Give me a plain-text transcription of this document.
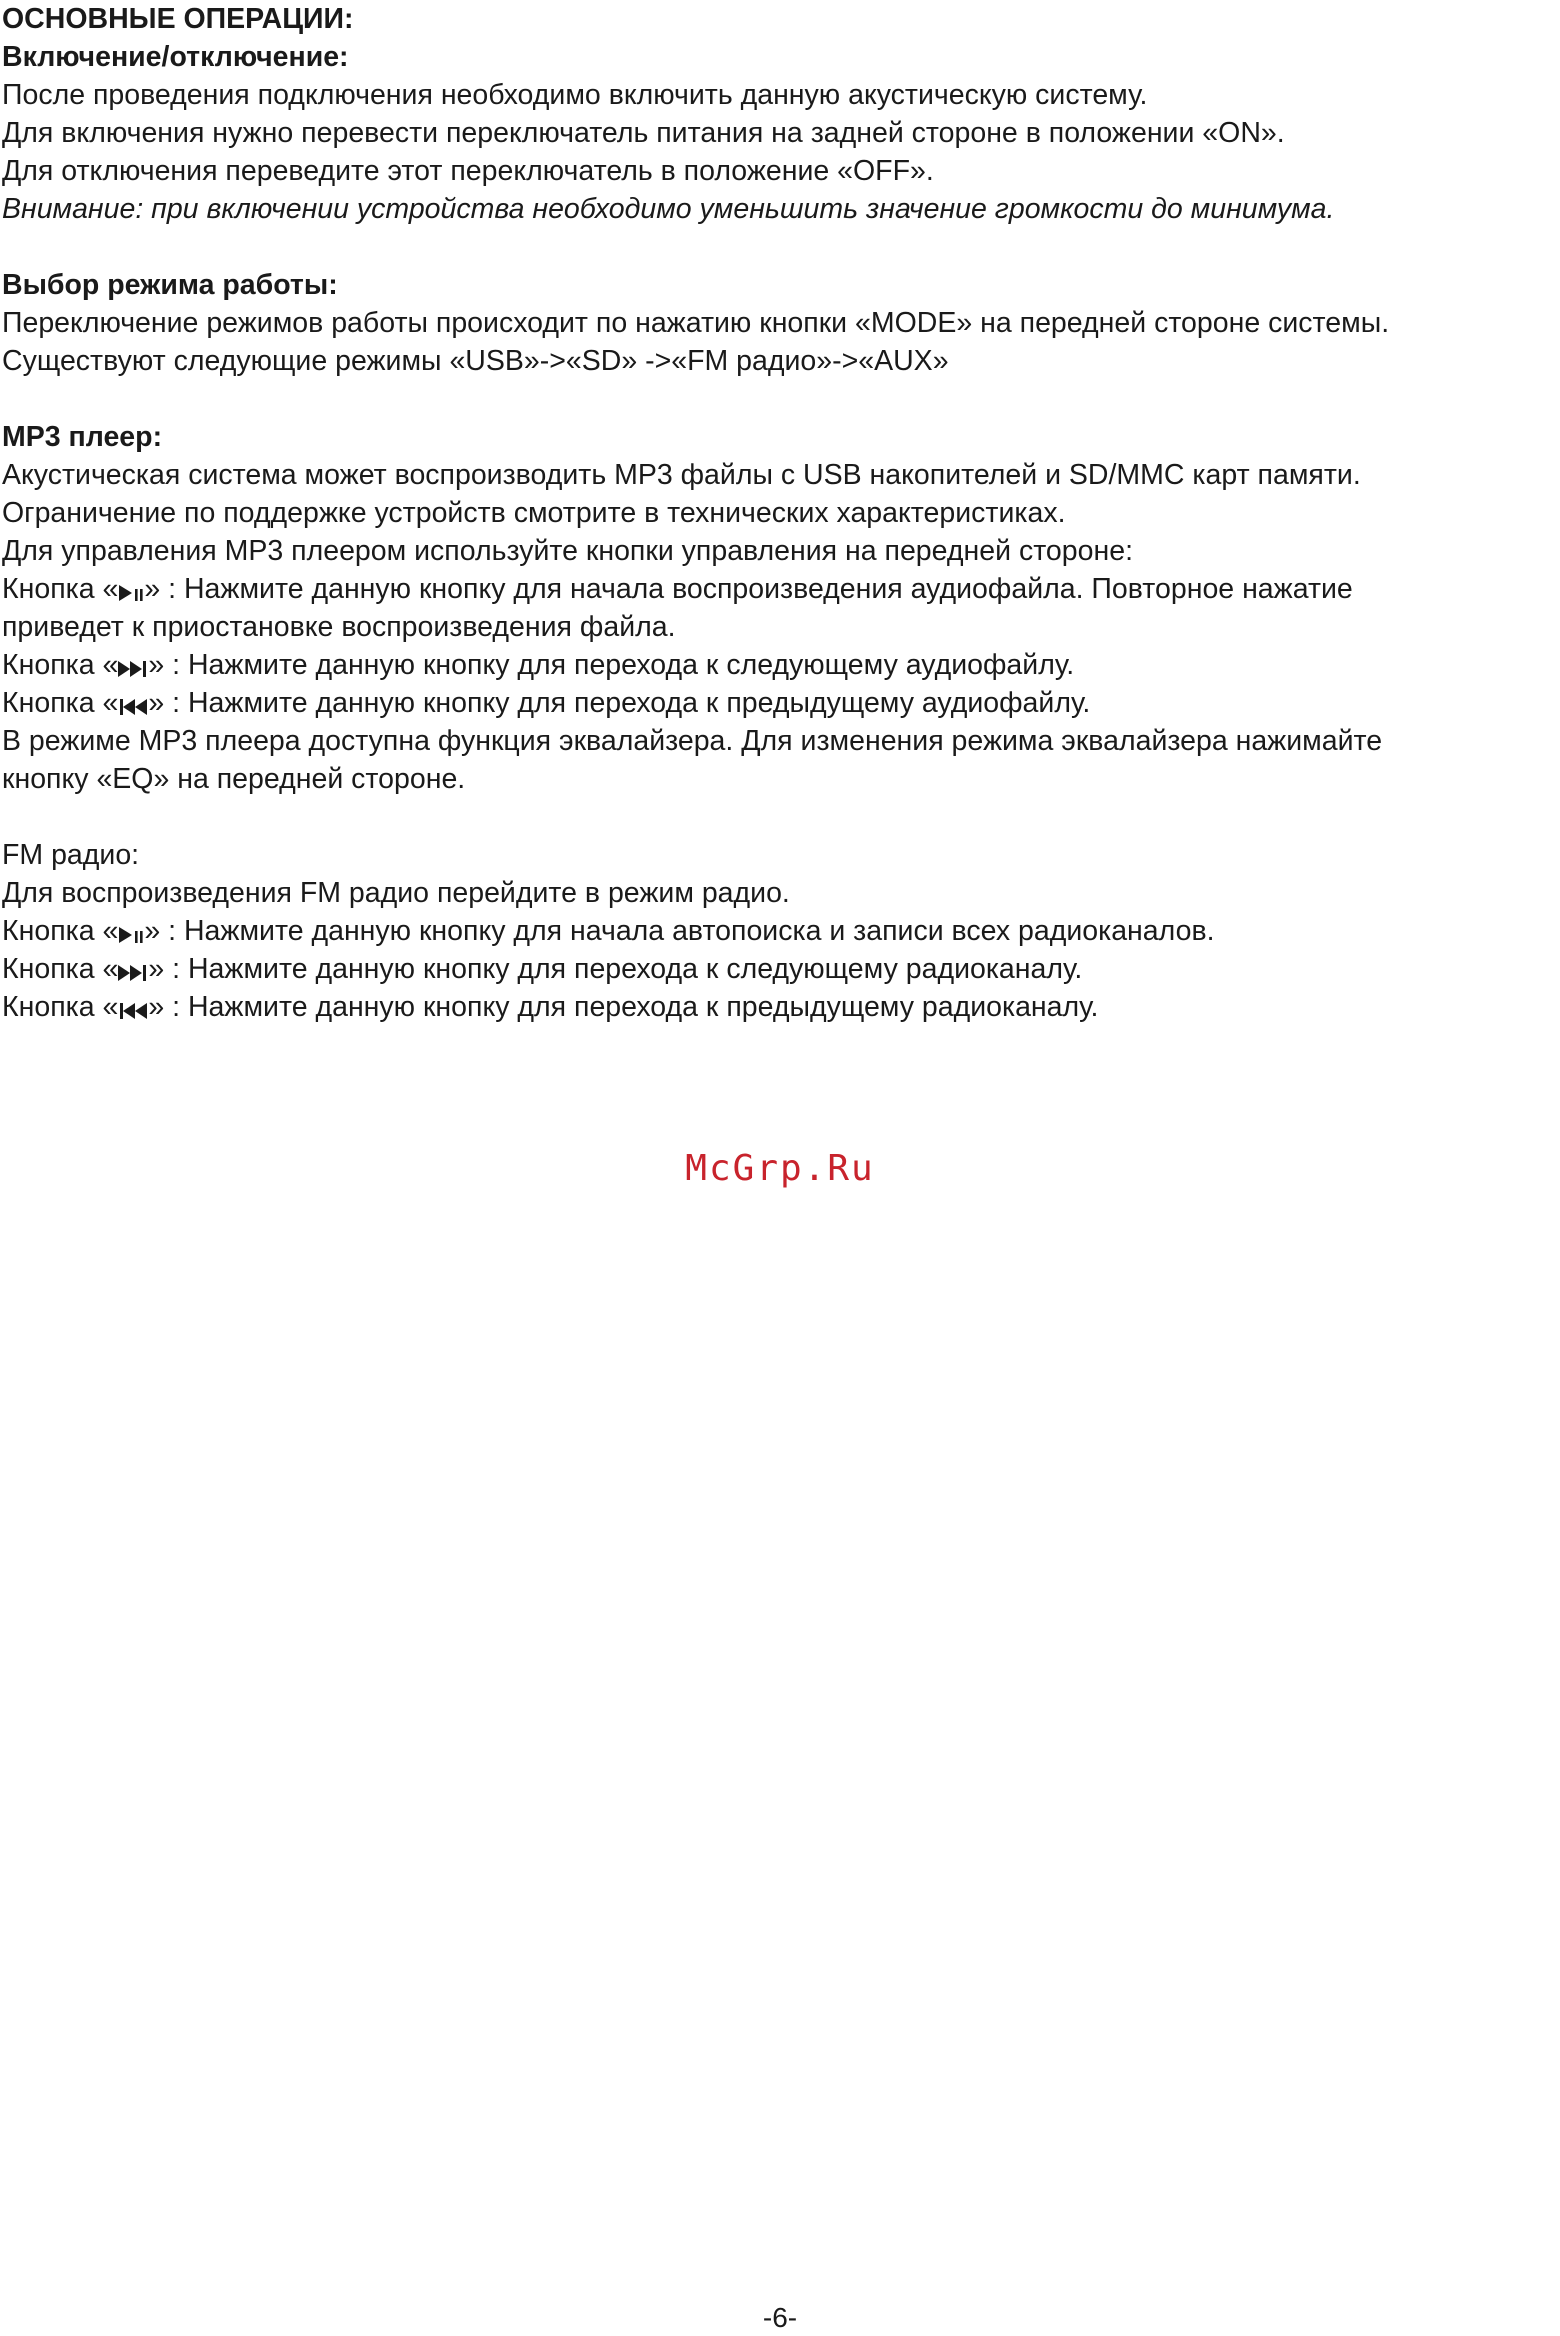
ОСНОВНЫЕ ОПЕРАЦИИ:
Включение/отключение:
После проведения подключения необходимо включить данную акустическую систему.
Для включения нужно перевести переключатель питания на задней стороне в положении «ON».
Для отключения переведите этот переключатель в положение «OFF».
Внимание: при включении устройства необходимо уменьшить значение громкости до минимума.
Выбор режима работы:
Переключение режимов работы происходит по нажатию кнопки «MODE» на передней стороне системы.
Существуют следующие режимы «USB»->«SD» ->«FM радио»->«AUX»
MP3 плеер:
Акустическая система может воспроизводить MP3 файлы с USB накопителей и SD/MMC карт памяти.
Ограничение по поддержке устройств смотрите в технических характеристиках.
Для управления MP3 плеером используйте кнопки управления на передней стороне:
Кнопка « » : Нажмите данную кнопку для начала воспроизведения аудиофайла. Повторное нажатие
приведет к приостановке воспроизведения файла.
Кнопка « » : Нажмите данную кнопку для перехода к следующему аудиофайлу.
Кнопка « » : Нажмите данную кнопку для перехода к предыдущему аудиофайлу.
В режиме MP3 плеера доступна функция эквалайзера. Для изменения режима эквалайзера нажимайте
кнопку «EQ» на передней стороне.
FM радио:
Для воспроизведения FM радио перейдите в режим радио.
Кнопка « » : Нажмите данную кнопку для начала автопоиска и записи всех радиоканалов.
Кнопка « » : Нажмите данную кнопку для перехода к следующему радиоканалу.
Кнопка « » : Нажмите данную кнопку для перехода к предыдущему радиоканалу.
McGrp.Ru
-6-
